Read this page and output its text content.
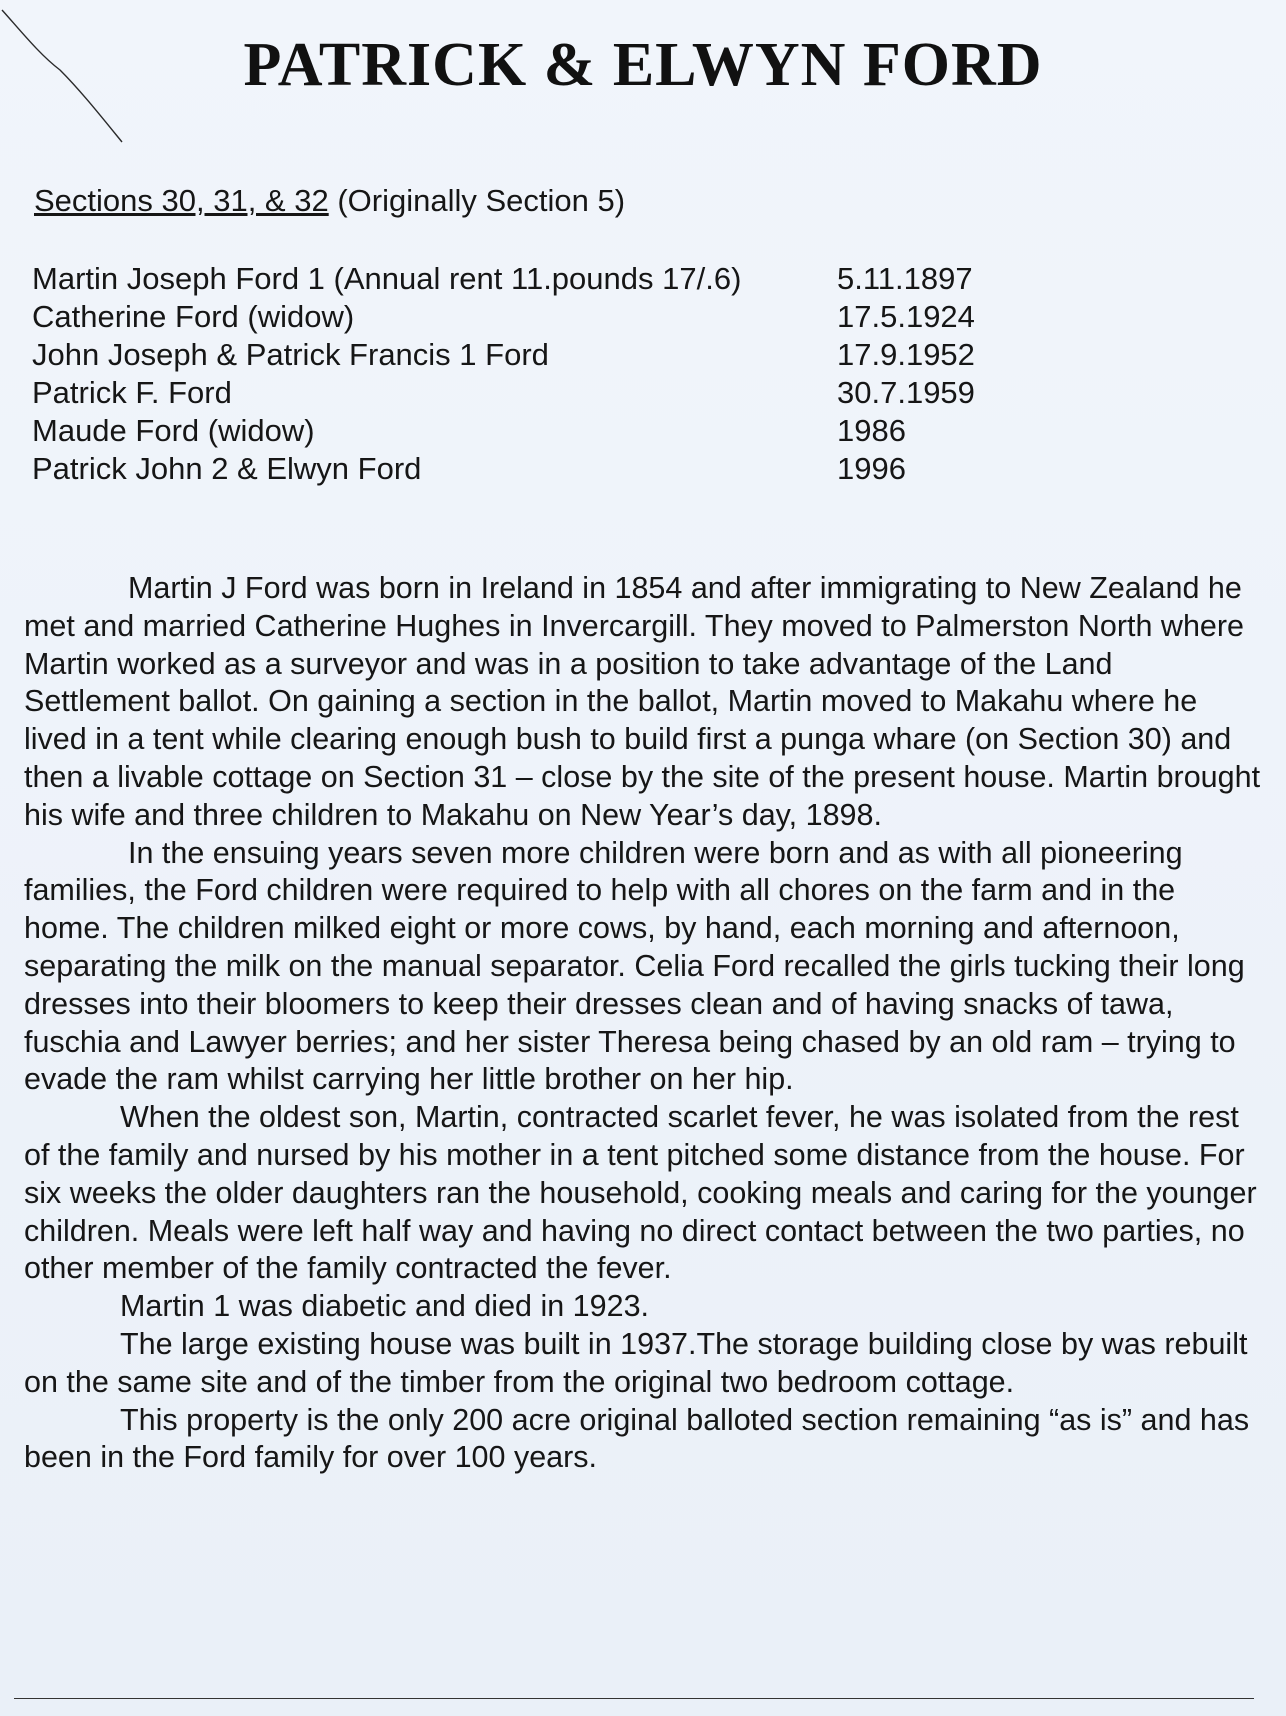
PATRICK & ELWYN FORD

Sections 30, 31, & 32 (Originally Section 5)

Martin Joseph Ford 1 (Annual rent 11.pounds 17/.6)	5.11.1897
Catherine Ford (widow)	17.5.1924
John Joseph & Patrick Francis 1 Ford	17.9.1952
Patrick F. Ford	30.7.1959
Maude Ford (widow)	1986
Patrick John 2 & Elwyn Ford	1996

Martin J Ford was born in Ireland in 1854 and after immigrating to New Zealand he met and married Catherine Hughes in Invercargill. They moved to Palmerston North where Martin worked as a surveyor and was in a position to take advantage of the Land Settlement ballot. On gaining a section in the ballot, Martin moved to Makahu where he lived in a tent while clearing enough bush to build first a punga whare (on Section 30) and then a livable cottage on Section 31 – close by the site of the present house. Martin brought his wife and three children to Makahu on New Year’s day, 1898.

In the ensuing years seven more children were born and as with all pioneering families, the Ford children were required to help with all chores on the farm and in the home. The children milked eight or more cows, by hand, each morning and afternoon, separating the milk on the manual separator. Celia Ford recalled the girls tucking their long dresses into their bloomers to keep their dresses clean and of having snacks of tawa, fuschia and Lawyer berries; and her sister Theresa being chased by an old ram – trying to evade the ram whilst carrying her little brother on her hip.

When the oldest son, Martin, contracted scarlet fever, he was isolated from the rest of the family and nursed by his mother in a tent pitched some distance from the house. For six weeks the older daughters ran the household, cooking meals and caring for the younger children. Meals were left half way and having no direct contact between the two parties, no other member of the family contracted the fever.

Martin 1 was diabetic and died in 1923.

The large existing house was built in 1937.The storage building close by was rebuilt on the same site and of the timber from the original two bedroom cottage.

This property is the only 200 acre original balloted section remaining “as is” and has been in the Ford family for over 100 years.
